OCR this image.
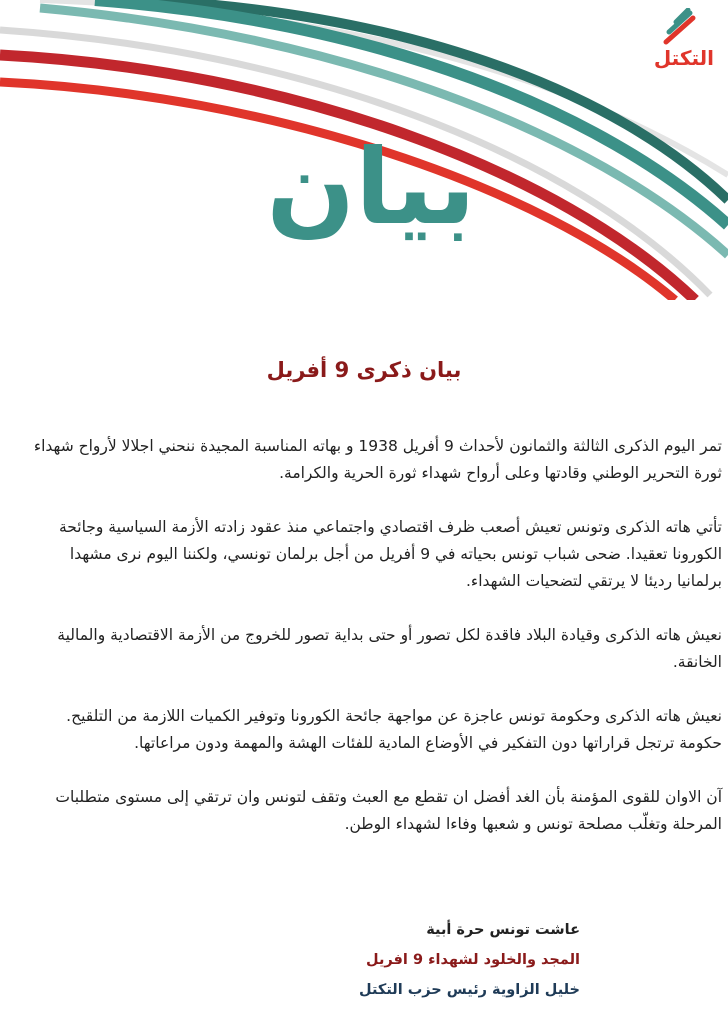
التكتل
بيان
بيان ذكرى 9 أفريل

تمر اليوم الذكرى الثالثة والثمانون لأحداث 9 أفريل 1938 و بهاته المناسبة المجيدة ننحني اجلالا لأرواح شهداء ثورة التحرير الوطني وقادتها وعلى أرواح شهداء ثورة الحرية والكرامة.

تأتي هاته الذكرى وتونس تعيش أصعب ظرف اقتصادي واجتماعي منذ عقود زادته الأزمة السياسية وجائحة الكورونا تعقيدا. ضحى شباب تونس بحياته في 9 أفريل من أجل برلمان تونسي، ولكننا اليوم نرى مشهدا برلمانيا رديئا لا يرتقي لتضحيات الشهداء.

نعيش هاته الذكرى وقيادة البلاد فاقدة لكل تصور أو حتى بداية تصور للخروج من الأزمة الاقتصادية والمالية الخانقة.

نعيش هاته الذكرى وحكومة تونس عاجزة عن مواجهة جائحة الكورونا وتوفير الكميات اللازمة من التلقيح. حكومة ترتجل قراراتها دون التفكير في الأوضاع المادية للفئات الهشة والمهمة ودون مراعاتها.

آن الاوان للقوى المؤمنة بأن الغد أفضل ان تقطع مع العبث وتقف لتونس وان ترتقي إلى مستوى متطلبات المرحلة وتغلّب مصلحة تونس و شعبها وفاءا لشهداء الوطن.

عاشت تونس حرة أبية
المجد والخلود لشهداء 9 افريل
خليل الزاوية رئيس حزب التكتل
